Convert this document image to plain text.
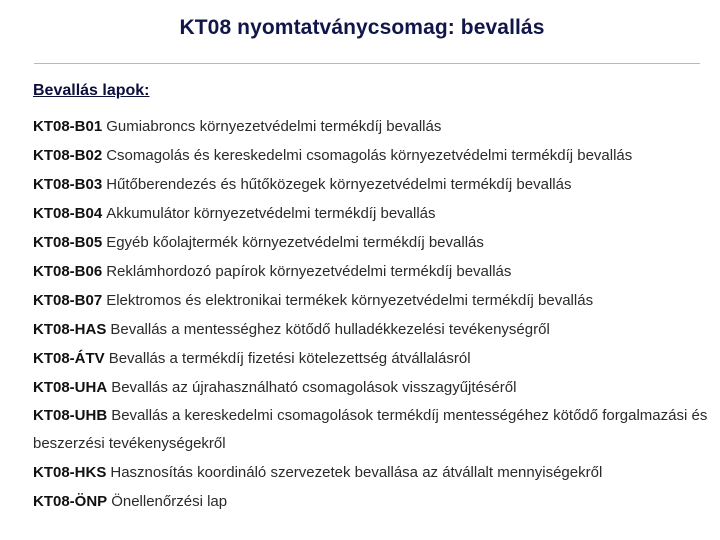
KT08 nyomtatványcsomag: bevallás
Bevallás lapok:
KT08-B01 Gumiabroncs környezetvédelmi termékdíj bevallás
KT08-B02 Csomagolás és kereskedelmi csomagolás környezetvédelmi termékdíj bevallás
KT08-B03 Hűtőberendezés és hűtőközegek környezetvédelmi termékdíj bevallás
KT08-B04 Akkumulátor környezetvédelmi termékdíj bevallás
KT08-B05 Egyéb kőolajtermék környezetvédelmi termékdíj bevallás
KT08-B06 Reklámhordozó papírok környezetvédelmi termékdíj bevallás
KT08-B07 Elektromos és elektronikai termékek környezetvédelmi termékdíj bevallás
KT08-HAS Bevallás a mentességhez kötődő hulladékkezelési tevékenységről
KT08-ÁTV Bevallás a termékdíj fizetési kötelezettség átvállalásról
KT08-UHA Bevallás az újrahasználható csomagolások visszagyűjtéséről
KT08-UHB Bevallás a kereskedelmi csomagolások termékdíj mentességéhez kötődő forgalmazási és beszerzési tevékenységekről
KT08-HKS Hasznosítás koordináló szervezetek bevallása az átvállalt mennyiségekről
KT08-ÖNP Önellenőrzési lap
